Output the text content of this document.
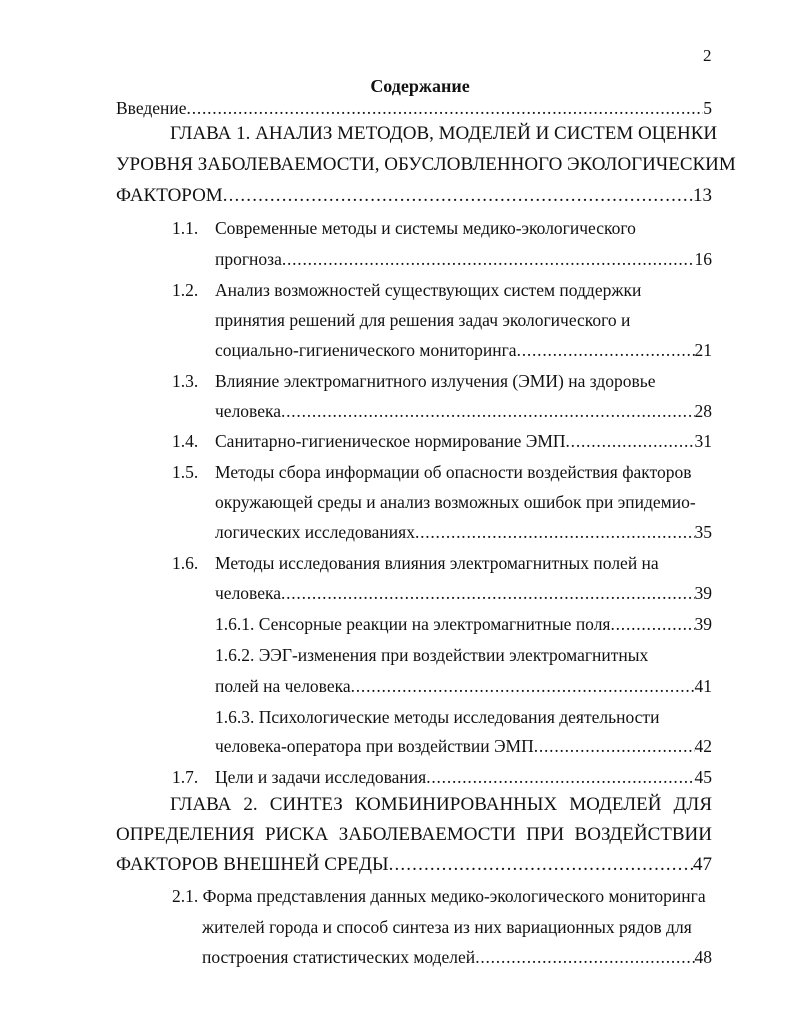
2
Содержание
Введение . . .	5
ГЛАВА 1. АНАЛИЗ МЕТОДОВ, МОДЕЛЕЙ И СИСТЕМ ОЦЕНКИ
УРОВНЯ ЗАБОЛЕВАЕМОСТИ, ОБУСЛОВЛЕННОГО ЭКОЛОГИЧЕСКИМ
ФАКТОРОМ . . .	13
1.1. Современные методы и системы медико-экологического
прогноза . . .	16
1.2. Анализ возможностей существующих систем поддержки
принятия решений для решения задач экологического и
социально-гигиенического мониторинга . . .	21
1.3. Влияние электромагнитного излучения (ЭМИ) на здоровье
человека . . .	28
1.4. Санитарно-гигиеническое нормирование ЭМП . . .	31
1.5. Методы сбора информации об опасности воздействия факторов
окружающей среды и анализ возможных ошибок при эпидемио-
логических исследованиях . . .	35
1.6. Методы исследования влияния электромагнитных полей на
человека . . .	39
1.6.1. Сенсорные реакции на электромагнитные поля . . .	39
1.6.2. ЭЭГ-изменения при воздействии электромагнитных
полей на человека . . .	41
1.6.3. Психологические методы исследования деятельности
человека-оператора при воздействии ЭМП . . .	42
1.7. Цели и задачи исследования . . .	45
ГЛАВА 2. СИНТЕЗ КОМБИНИРОВАННЫХ МОДЕЛЕЙ ДЛЯ
ОПРЕДЕЛЕНИЯ РИСКА ЗАБОЛЕВАЕМОСТИ ПРИ ВОЗДЕЙСТВИИ
ФАКТОРОВ ВНЕШНЕЙ СРЕДЫ . . .	47
2.1. Форма представления данных медико-экологического мониторинга
жителей города и способ синтеза из них вариационных рядов для
построения статистических моделей . . .	48
